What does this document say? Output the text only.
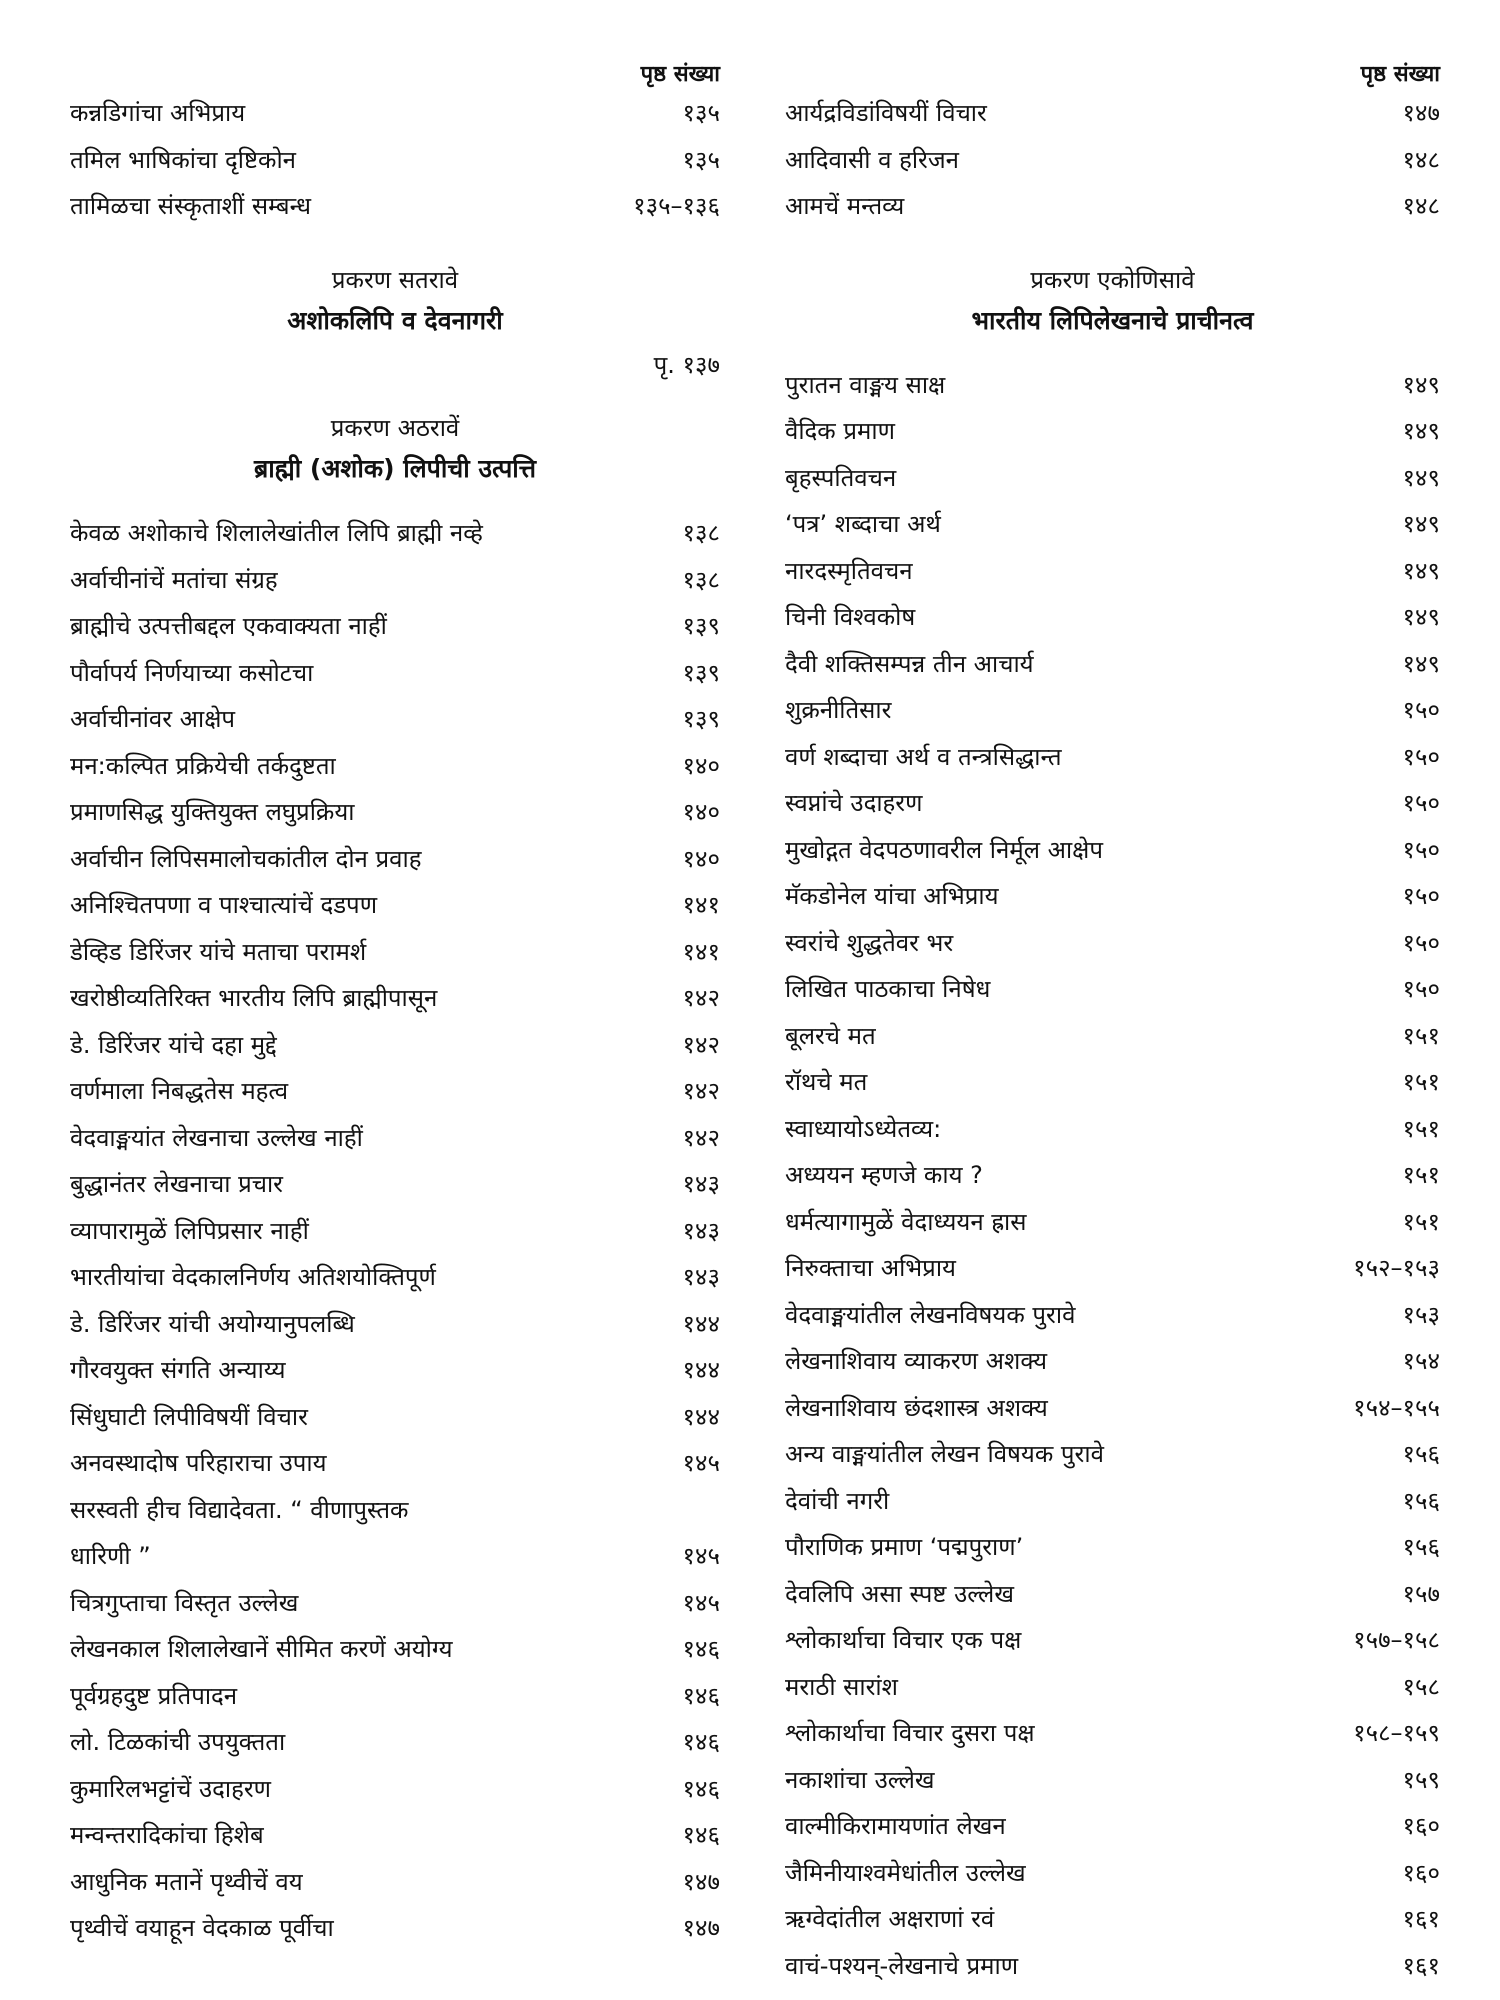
पृष्ठ संख्या
कन्नडिगांचा अभिप्राय	१३५
तमिल भाषिकांचा दृष्टिकोन	१३५
तामिळचा संस्कृताशीं सम्बन्ध	१३५–१३६
प्रकरण सतरावे
अशोकलिपि व देवनागरी
पृ. १३७
प्रकरण अठरावें
ब्राह्मी (अशोक) लिपीची उत्पत्ति
केवळ अशोकाचे शिलालेखांतील लिपि ब्राह्मी नव्हे	१३८
अर्वाचीनांचें मतांचा संग्रह	१३८
ब्राह्मीचे उत्पत्तीबद्दल एकवाक्यता नाहीं	१३९
पौर्वापर्य निर्णयाच्या कसोटचा	१३९
अर्वाचीनांवर आक्षेप	१३९
मन:कल्पित प्रक्रियेची तर्कदुष्टता	१४०
प्रमाणसिद्ध युक्तियुक्त लघुप्रक्रिया	१४०
अर्वाचीन लिपिसमालोचकांतील दोन प्रवाह	१४०
अनिश्चितपणा व पाश्चात्यांचें दडपण	१४१
डेव्हिड डिरिंजर यांचे मताचा परामर्श	१४१
खरोष्ठीव्यतिरिक्त भारतीय लिपि ब्राह्मीपासून	१४२
डे. डिरिंजर यांचे दहा मुद्दे	१४२
वर्णमाला निबद्धतेस महत्व	१४२
वेदवाङ्मयांत लेखनाचा उल्लेख नाहीं	१४२
बुद्धानंतर लेखनाचा प्रचार	१४३
व्यापारामुळें लिपिप्रसार नाहीं	१४३
भारतीयांचा वेदकालनिर्णय अतिशयोक्तिपूर्ण	१४३
डे. डिरिंजर यांची अयोग्यानुपलब्धि	१४४
गौरवयुक्त संगति अन्याय्य	१४४
सिंधुघाटी लिपीविषयीं विचार	१४४
अनवस्थादोष परिहाराचा उपाय	१४५
सरस्वती हीच विद्यादेवता. “ वीणापुस्तक
धारिणी ”	१४५
चित्रगुप्ताचा विस्तृत उल्लेख	१४५
लेखनकाल शिलालेखानें सीमित करणें अयोग्य	१४६
पूर्वग्रहदुष्ट प्रतिपादन	१४६
लो. टिळकांची उपयुक्तता	१४६
कुमारिलभट्टांचें उदाहरण	१४६
मन्वन्तरादिकांचा हिशेब	१४६
आधुनिक मतानें पृथ्वीचें वय	१४७
पृथ्वीचें वयाहून वेदकाळ पूर्वीचा	१४७
पृष्ठ संख्या
आर्यद्रविडांविषयीं विचार	१४७
आदिवासी व हरिजन	१४८
आमचें मन्तव्य	१४८
प्रकरण एकोणिसावे
भारतीय लिपिलेखनाचे प्राचीनत्व
पुरातन वाङ्मय साक्ष	१४९
वैदिक प्रमाण	१४९
बृहस्पतिवचन	१४९
‘पत्र’ शब्दाचा अर्थ	१४९
नारदस्मृतिवचन	१४९
चिनी विश्वकोष	१४९
दैवी शक्तिसम्पन्न तीन आचार्य	१४९
शुक्रनीतिसार	१५०
वर्ण शब्दाचा अर्थ व तन्त्रसिद्धान्त	१५०
स्वप्नांचे उदाहरण	१५०
मुखोद्गत वेदपठणावरील निर्मूल आक्षेप	१५०
मॅकडोनेल यांचा अभिप्राय	१५०
स्वरांचे शुद्धतेवर भर	१५०
लिखित पाठकाचा निषेध	१५०
बूलरचे मत	१५१
रॉथचे मत	१५१
स्वाध्यायोऽध्येतव्य:	१५१
अध्ययन म्हणजे काय ?	१५१
धर्मत्यागामुळें वेदाध्ययन ह्रास	१५१
निरुक्ताचा अभिप्राय	१५२–१५३
वेदवाङ्मयांतील लेखनविषयक पुरावे	१५३
लेखनाशिवाय व्याकरण अशक्य	१५४
लेखनाशिवाय छंदशास्त्र अशक्य	१५४–१५५
अन्य वाङ्मयांतील लेखन विषयक पुरावे	१५६
देवांची नगरी	१५६
पौराणिक प्रमाण ‘पद्मपुराण’	१५६
देवलिपि असा स्पष्ट उल्लेख	१५७
श्लोकार्थाचा विचार एक पक्ष	१५७–१५८
मराठी सारांश	१५८
श्लोकार्थाचा विचार दुसरा पक्ष	१५८–१५९
नकाशांचा उल्लेख	१५९
वाल्मीकिरामायणांत लेखन	१६०
जैमिनीयाश्वमेधांतील उल्लेख	१६०
ऋग्वेदांतील अक्षराणां रवं	१६१
वाचं-पश्यन्-लेखनाचे प्रमाण	१६१
